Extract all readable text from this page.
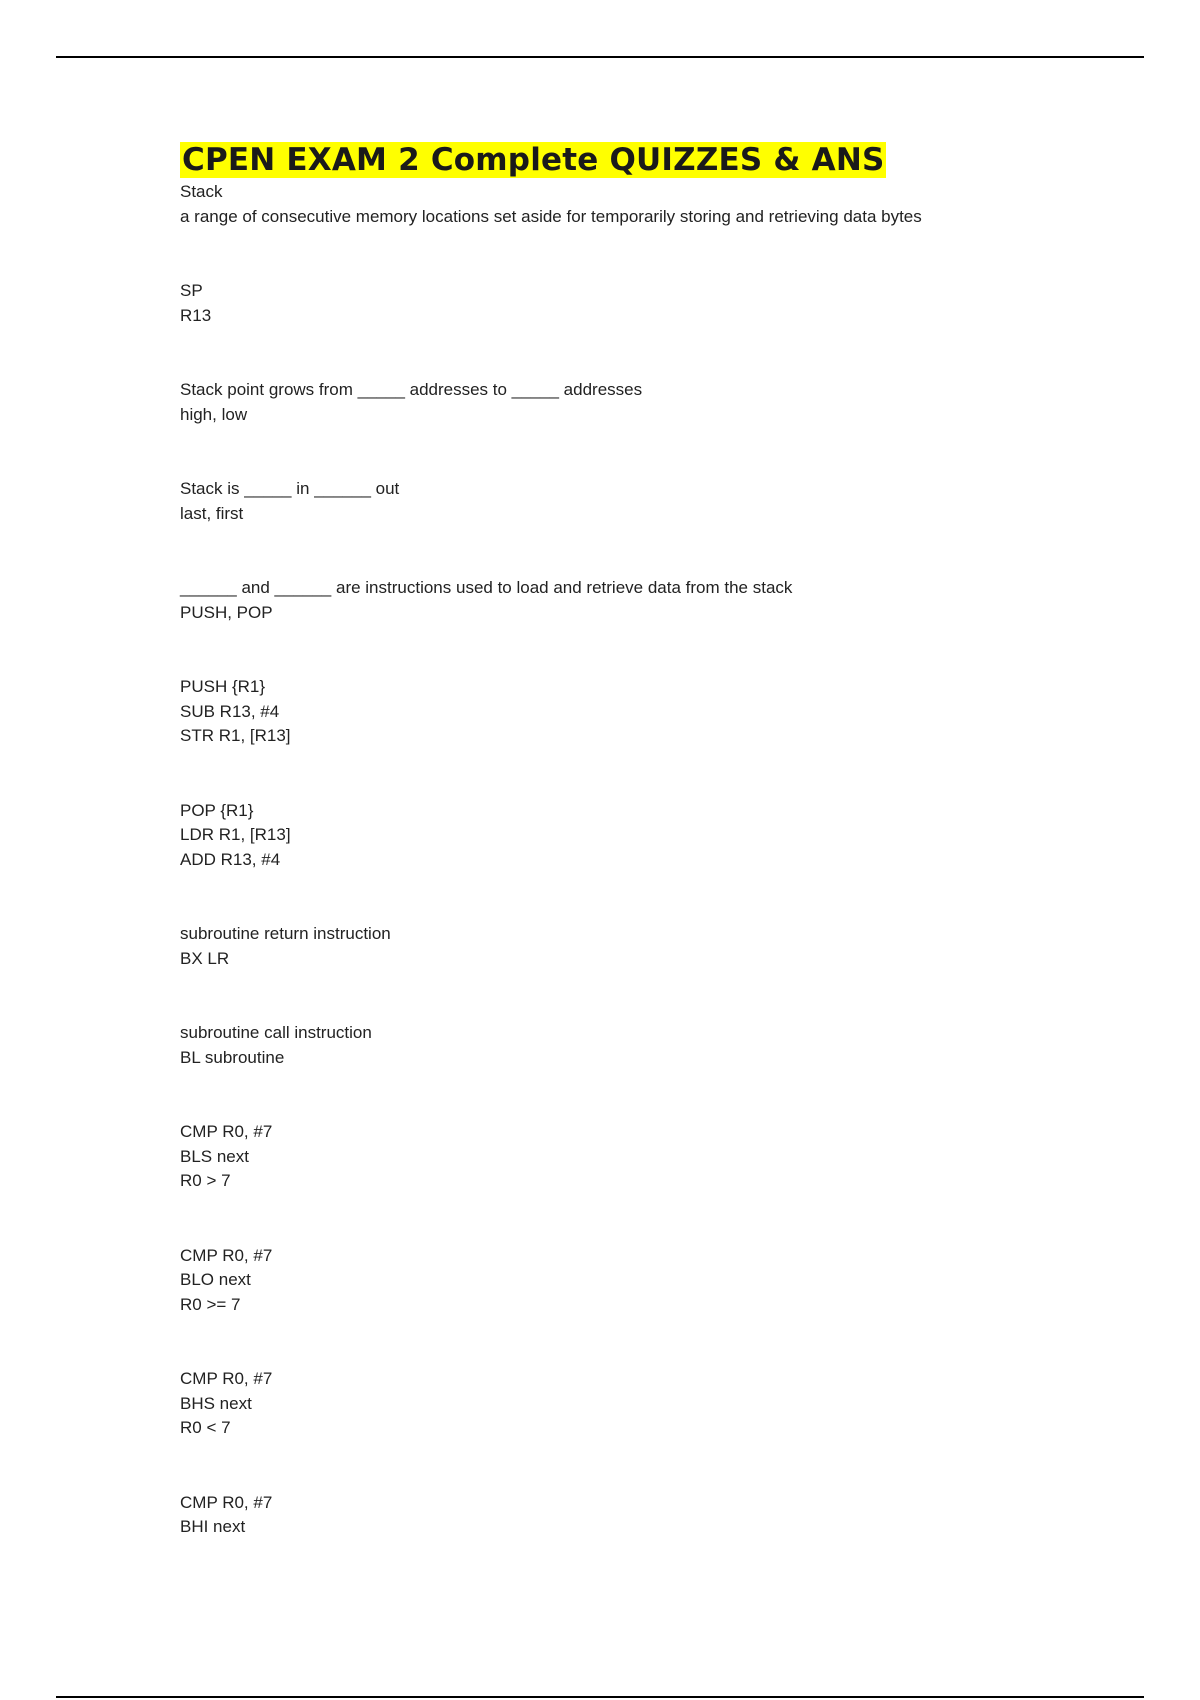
CPEN EXAM 2 Complete QUIZZES & ANS
Stack
a range of consecutive memory locations set aside for temporarily storing and retrieving data bytes
SP
R13
Stack point grows from _____ addresses to _____ addresses
high, low
Stack is _____ in ______ out
last, first
______ and ______ are instructions used to load and retrieve data from the stack
PUSH, POP
PUSH {R1}
SUB R13, #4
STR R1, [R13]
POP {R1}
LDR R1, [R13]
ADD R13, #4
subroutine return instruction
BX LR
subroutine call instruction
BL subroutine
CMP R0, #7
BLS next
R0 > 7
CMP R0, #7
BLO next
R0 >= 7
CMP R0, #7
BHS next
R0 < 7
CMP R0, #7
BHI next
